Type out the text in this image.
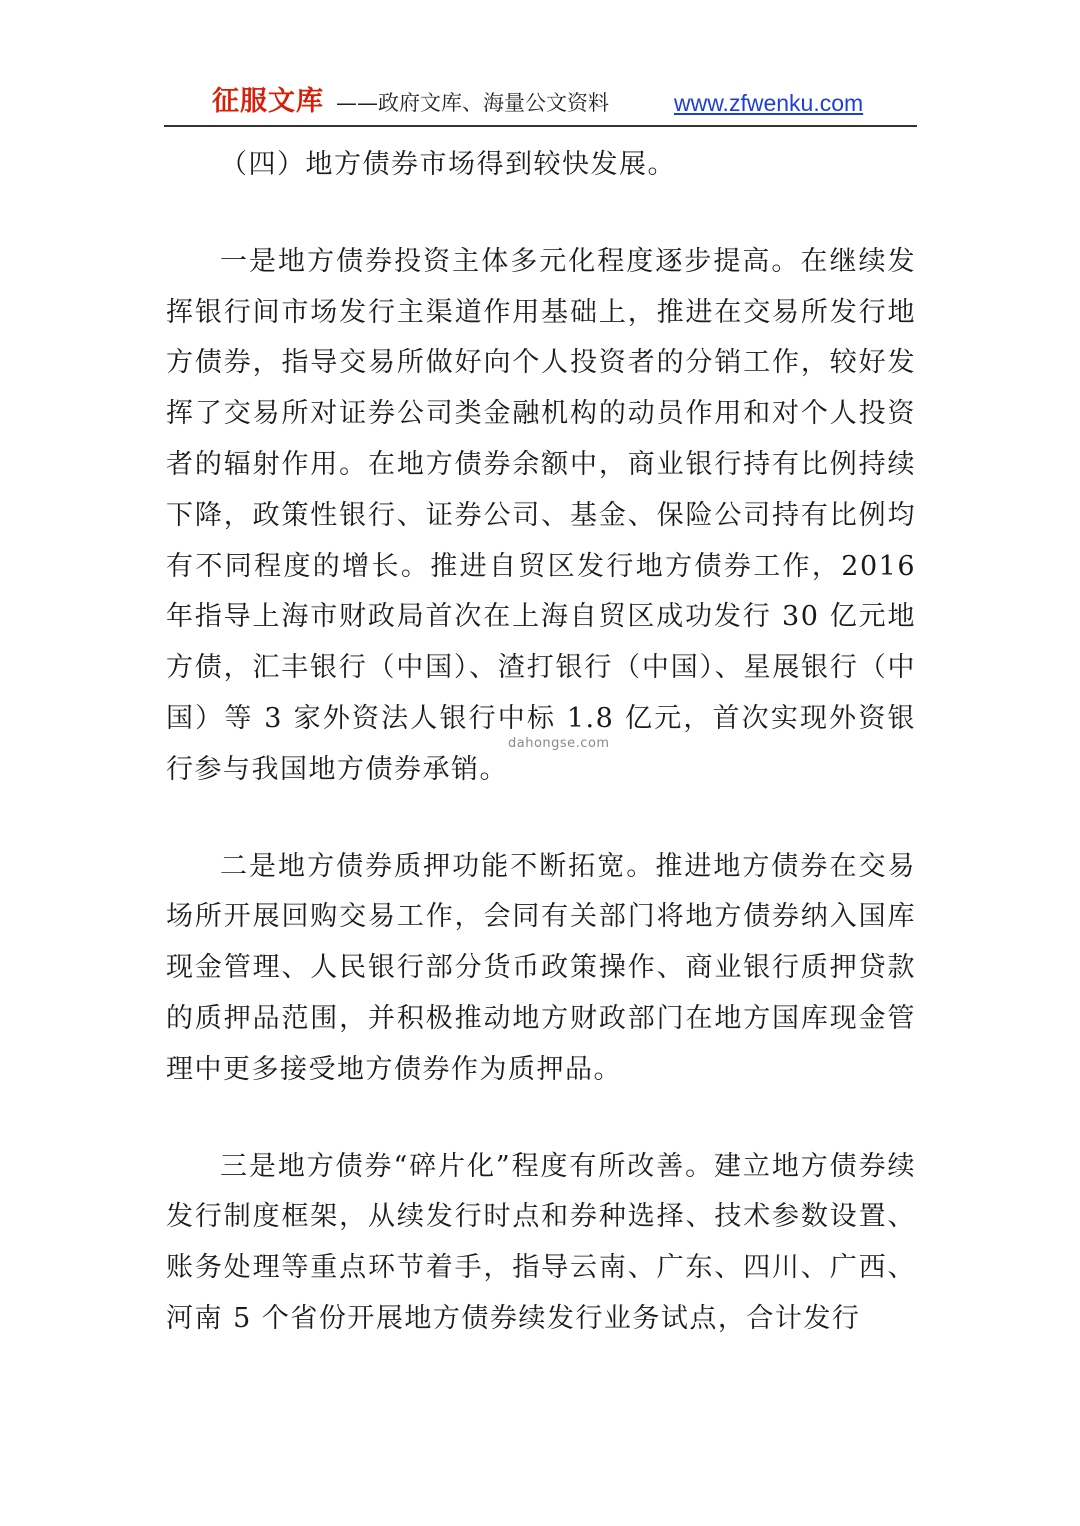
征服文库 ——政府文库、海量公文资料	www.zfwenku.com

（四）地方债券市场得到较快发展。

一是地方债券投资主体多元化程度逐步提高。在继续发挥银行间市场发行主渠道作用基础上，推进在交易所发行地方债券，指导交易所做好向个人投资者的分销工作，较好发挥了交易所对证券公司类金融机构的动员作用和对个人投资者的辐射作用。在地方债券余额中，商业银行持有比例持续下降，政策性银行、证券公司、基金、保险公司持有比例均有不同程度的增长。推进自贸区发行地方债券工作，2016年指导上海市财政局首次在上海自贸区成功发行 30 亿元地方债，汇丰银行（中国）、渣打银行（中国）、星展银行（中国）等 3 家外资法人银行中标 1.8 亿元，首次实现外资银行参与我国地方债券承销。

二是地方债券质押功能不断拓宽。推进地方债券在交易场所开展回购交易工作，会同有关部门将地方债券纳入国库现金管理、人民银行部分货币政策操作、商业银行质押贷款的质押品范围，并积极推动地方财政部门在地方国库现金管理中更多接受地方债券作为质押品。

三是地方债券“碎片化”程度有所改善。建立地方债券续发行制度框架，从续发行时点和券种选择、技术参数设置、账务处理等重点环节着手，指导云南、广东、四川、广西、河南 5 个省份开展地方债券续发行业务试点，合计发行

dahongse.com
